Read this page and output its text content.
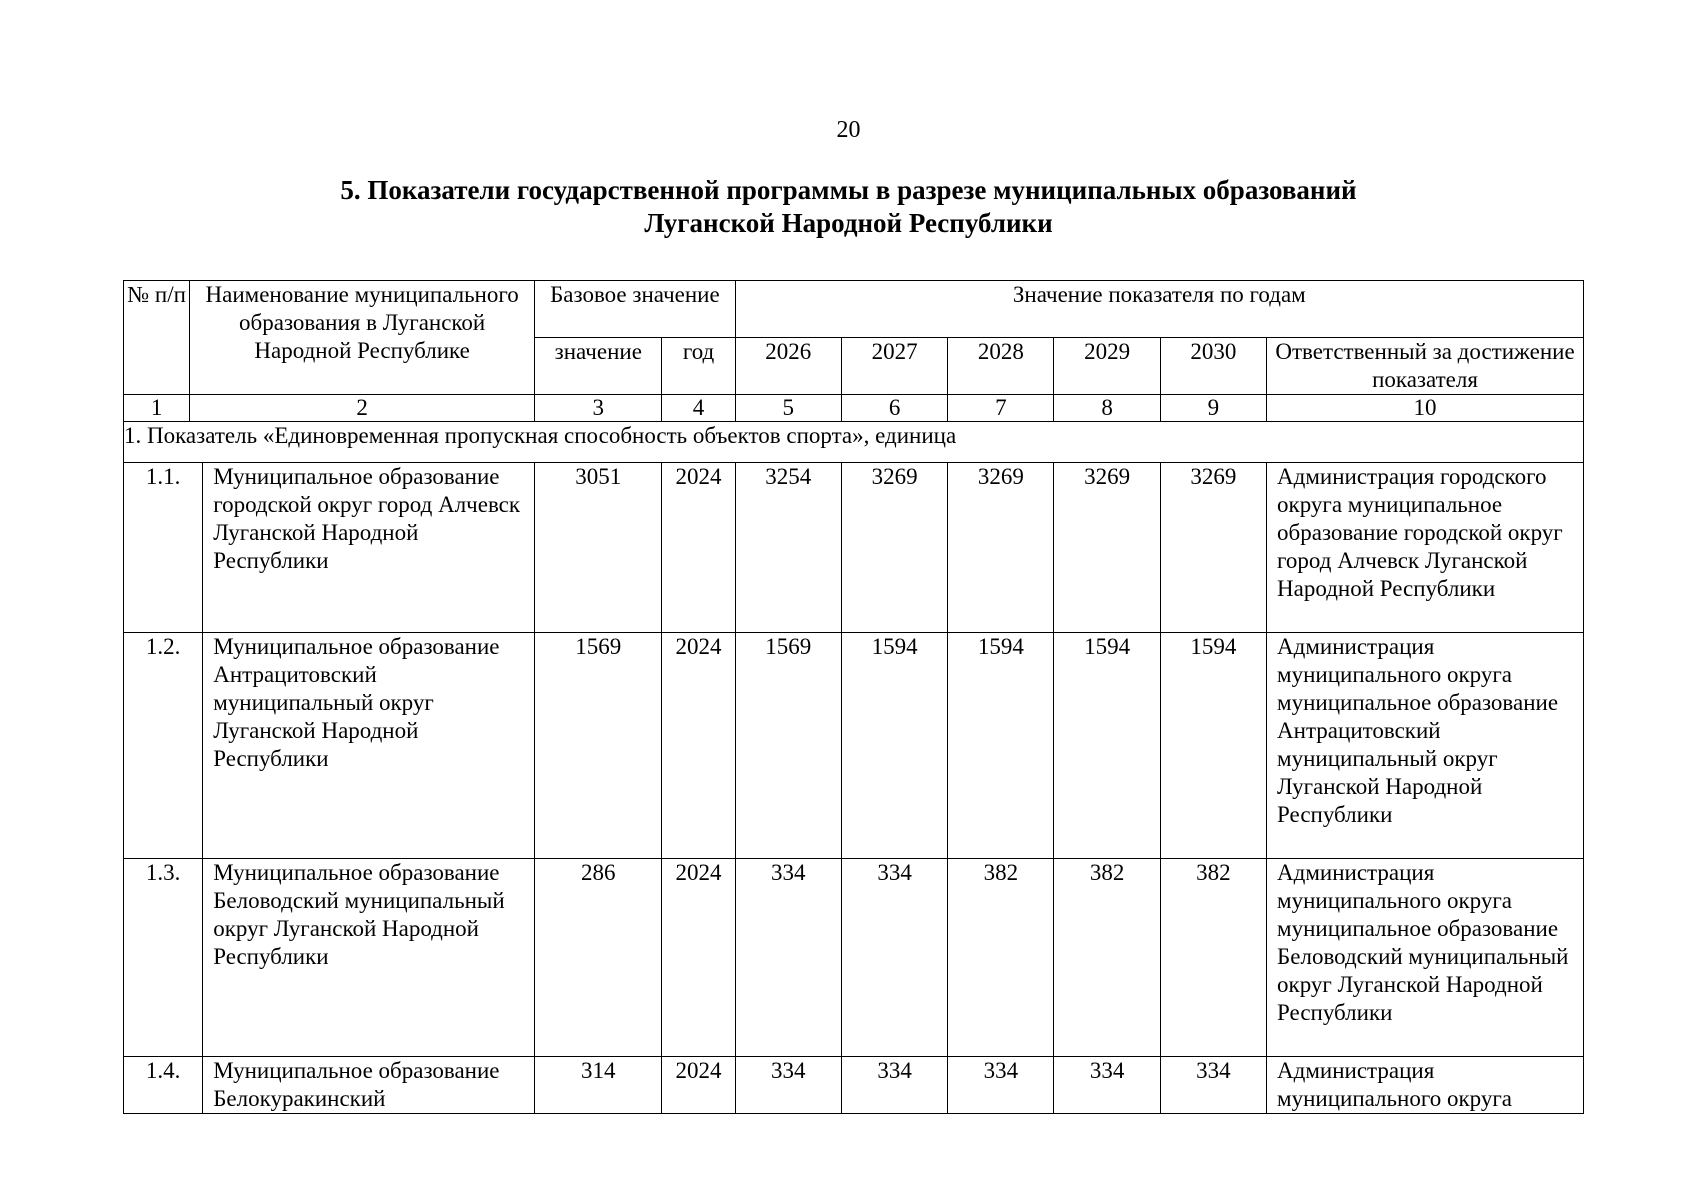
20
5. Показатели государственной программы в разрезе муниципальных образований
Луганской Народной Республики
№ п/п	Наименование муниципального образования в Луганской Народной Республике		Базовое значение		Значение показателя по годам					
			значение	год	2026	2027	2028	2029	2030	Ответственный за достижение показателя
1	2		3	4	5	6	7	8	9	10
1. Показатель «Единовременная пропускная способность объектов спорта», единица										
1.1.		Муниципальное образование городской округ город Алчевск Луганской Народной Республики	3051	2024	3254	3269	3269	3269	3269	Администрация городского округа муниципальное образование городской округ город Алчевск Луганской Народной Республики
1.2.		Муниципальное образование Антрацитовский муниципальный округ Луганской Народной Республики	1569	2024	1569	1594	1594	1594	1594	Администрация муниципального округа муниципальное образование Антрацитовский муниципальный округ Луганской Народной Республики
1.3.		Муниципальное образование Беловодский муниципальный округ Луганской Народной Республики	286	2024	334	334	382	382	382	Администрация муниципального округа муниципальное образование Беловодский муниципальный округ Луганской Народной Республики
1.4.		Муниципальное образование Белокуракинский	314	2024	334	334	334	334	334	Администрация муниципального округа
